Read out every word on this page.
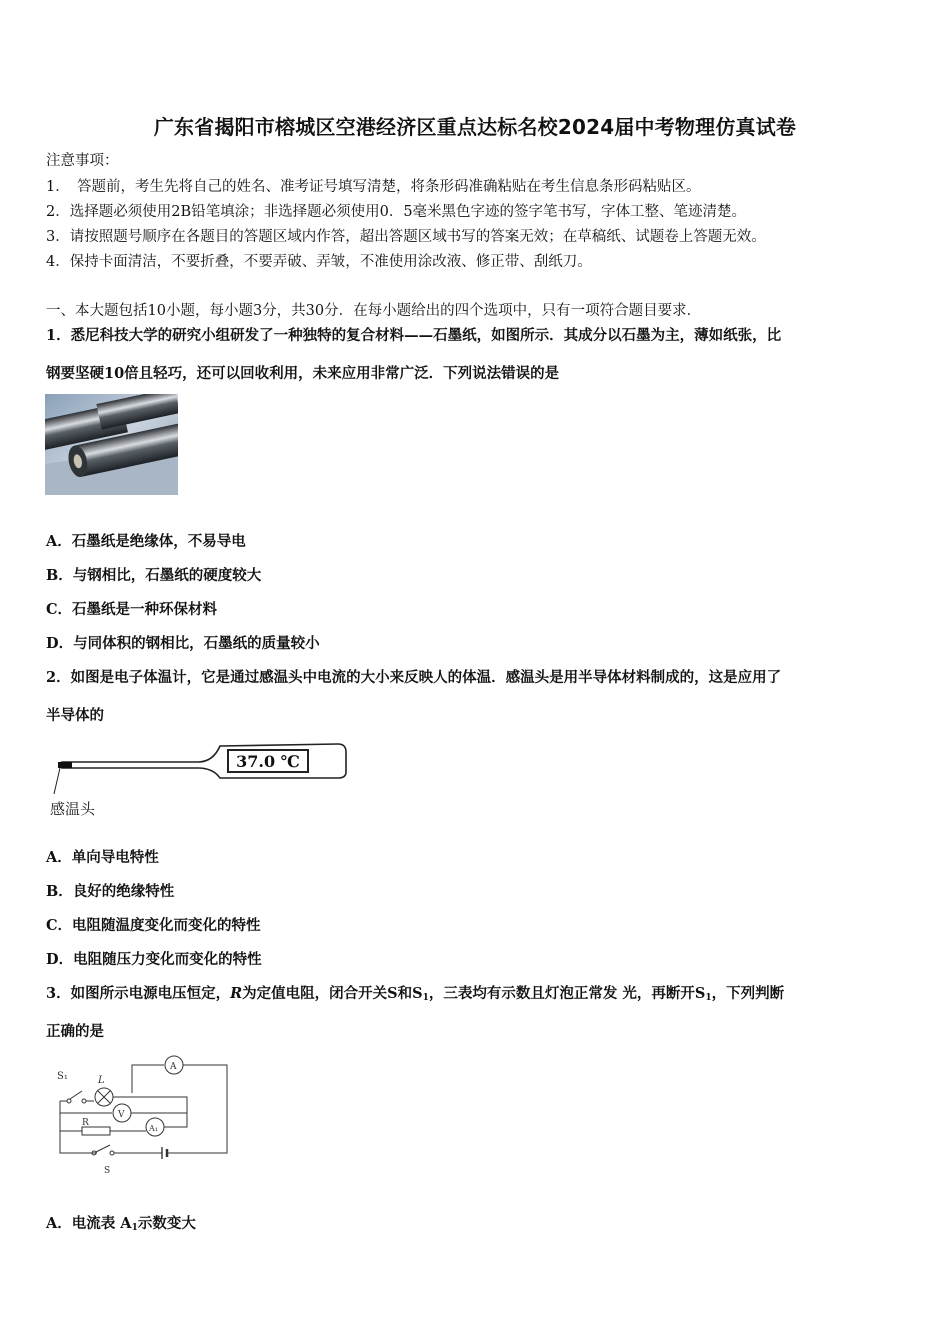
广东省揭阳市榕城区空港经济区重点达标名校2024届中考物理仿真试卷
注意事项：
1．　答题前，考生先将自己的姓名、准考证号填写清楚，将条形码准确粘贴在考生信息条形码粘贴区。
2．选择题必须使用2B铅笔填涂；非选择题必须使用0．5毫米黑色字迹的签字笔书写，字体工整、笔迹清楚。
3．请按照题号顺序在各题目的答题区域内作答，超出答题区域书写的答案无效；在草稿纸、试题卷上答题无效。
4．保持卡面清洁，不要折叠，不要弄破、弄皱，不准使用涂改液、修正带、刮纸刀。
一、本大题包括10小题，每小题3分，共30分．在每小题给出的四个选项中，只有一项符合题目要求．
1．悉尼科技大学的研究小组研发了一种独特的复合材料——石墨纸，如图所示．其成分以石墨为主，薄如纸张，比
钢要坚硬10倍且轻巧，还可以回收利用，未来应用非常广泛．下列说法错误的是
A．石墨纸是绝缘体，不易导电
B．与钢相比，石墨纸的硬度较大
C．石墨纸是一种环保材料
D．与同体积的钢相比，石墨纸的质量较小
2．如图是电子体温计，它是通过感温头中电流的大小来反映人的体温．感温头是用半导体材料制成的，这是应用了
半导体的
37.0 ℃
感温头
A．单向导电特性
B．良好的绝缘特性
C．电阻随温度变化而变化的特性
D．电阻随压力变化而变化的特性
3．如图所示电源电压恒定，R为定值电阻，闭合开关S和$S_1$，三表均有示数且灯泡正常发 光，再断开$S_1$，下列判断
正确的是
S₁	L
A
V
A₁
R
S
A．电流表 $A_1$示数变大
